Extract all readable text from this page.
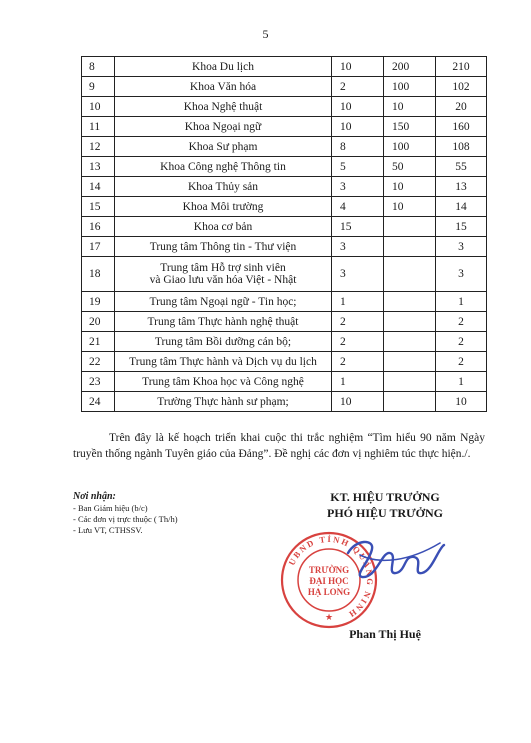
5
8	Khoa Du lịch	10	200	210
9	Khoa Văn hóa	2	100	102
10	Khoa Nghệ thuật	10	10	20
11	Khoa Ngoại ngữ	10	150	160
12	Khoa Sư phạm	8	100	108
13	Khoa Công nghệ Thông tin	5	50	55
14	Khoa Thủy sản	3	10	13
15	Khoa Môi trường	4	10	14
16	Khoa cơ bản	15		15
17	Trung tâm Thông tin - Thư viện	3		3
18	Trung tâm Hỗ trợ sinh viên
và Giao lưu văn hóa Việt - Nhật	3		3
19	Trung tâm Ngoại ngữ - Tin học;	1		1
20	Trung tâm Thực hành nghệ thuật	2		2
21	Trung tâm Bồi dưỡng cán bộ;	2		2
22	Trung tâm Thực hành và Dịch vụ du lịch	2		2
23	Trung tâm Khoa học và Công nghệ	1		1
24	Trường Thực hành sư phạm;	10		10
Trên đây là kế hoạch triển khai cuộc thi trắc nghiệm “Tìm hiểu 90 năm Ngày truyền thống ngành Tuyên giáo của Đảng”. Đề nghị các đơn vị nghiêm túc thực hiện./.
Nơi nhận:
- Ban Giám hiệu (b/c)
- Các đơn vị trực thuộc ( Th/h)
- Lưu VT, CTHSSV.
KT. HIỆU TRƯỞNG
PHÓ HIỆU TRƯỞNG
UBND TỈNH QUẢNG NINH
TRƯỜNG
ĐẠI HỌC
HẠ LONG
★
Phan Thị Huệ
